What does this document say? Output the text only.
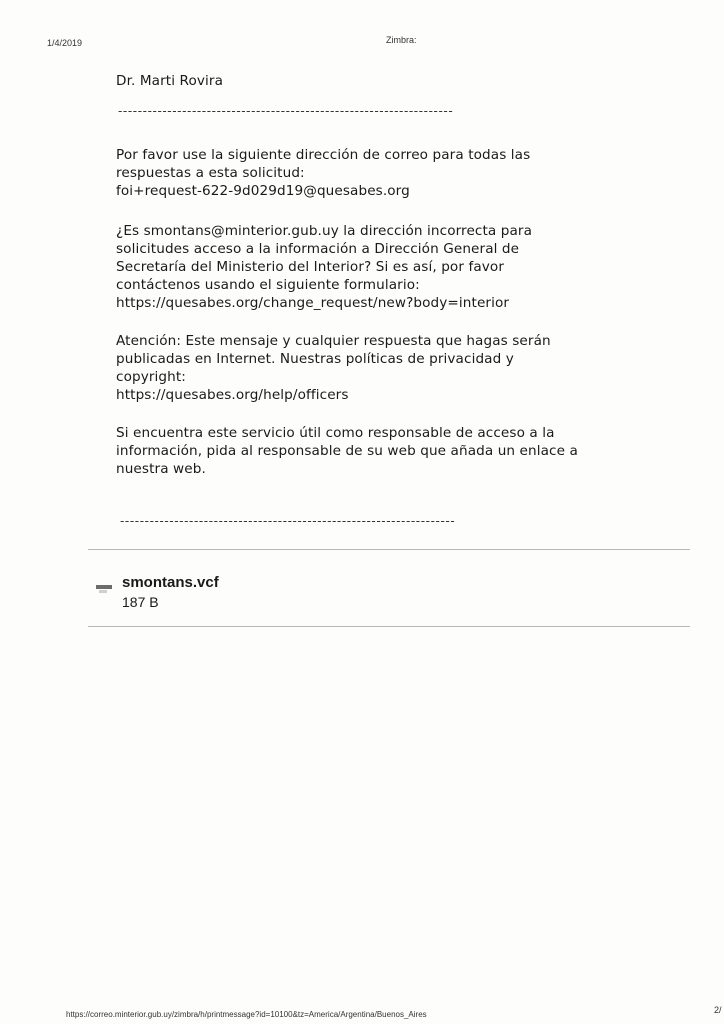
1/4/2019	Zimbra:
Dr. Marti Rovira
--------------------------------------------------------------------
Por favor use la siguiente dirección de correo para todas las
respuestas a esta solicitud:
foi+request-622-9d029d19@quesabes.org
¿Es smontans@minterior.gub.uy la dirección incorrecta para
solicitudes acceso a la información a Dirección General de
Secretaría del Ministerio del Interior? Si es así, por favor
contáctenos usando el siguiente formulario:
https://quesabes.org/change_request/new?body=interior
Atención: Este mensaje y cualquier respuesta que hagas serán
publicadas en Internet. Nuestras políticas de privacidad y
copyright:
https://quesabes.org/help/officers
Si encuentra este servicio útil como responsable de acceso a la
información, pida al responsable de su web que añada un enlace a
nuestra web.
--------------------------------------------------------------------
smontans.vcf
187 B
https://correo.minterior.gub.uy/zimbra/h/printmessage?id=10100&tz=America/Argentina/Buenos_Aires	2/
